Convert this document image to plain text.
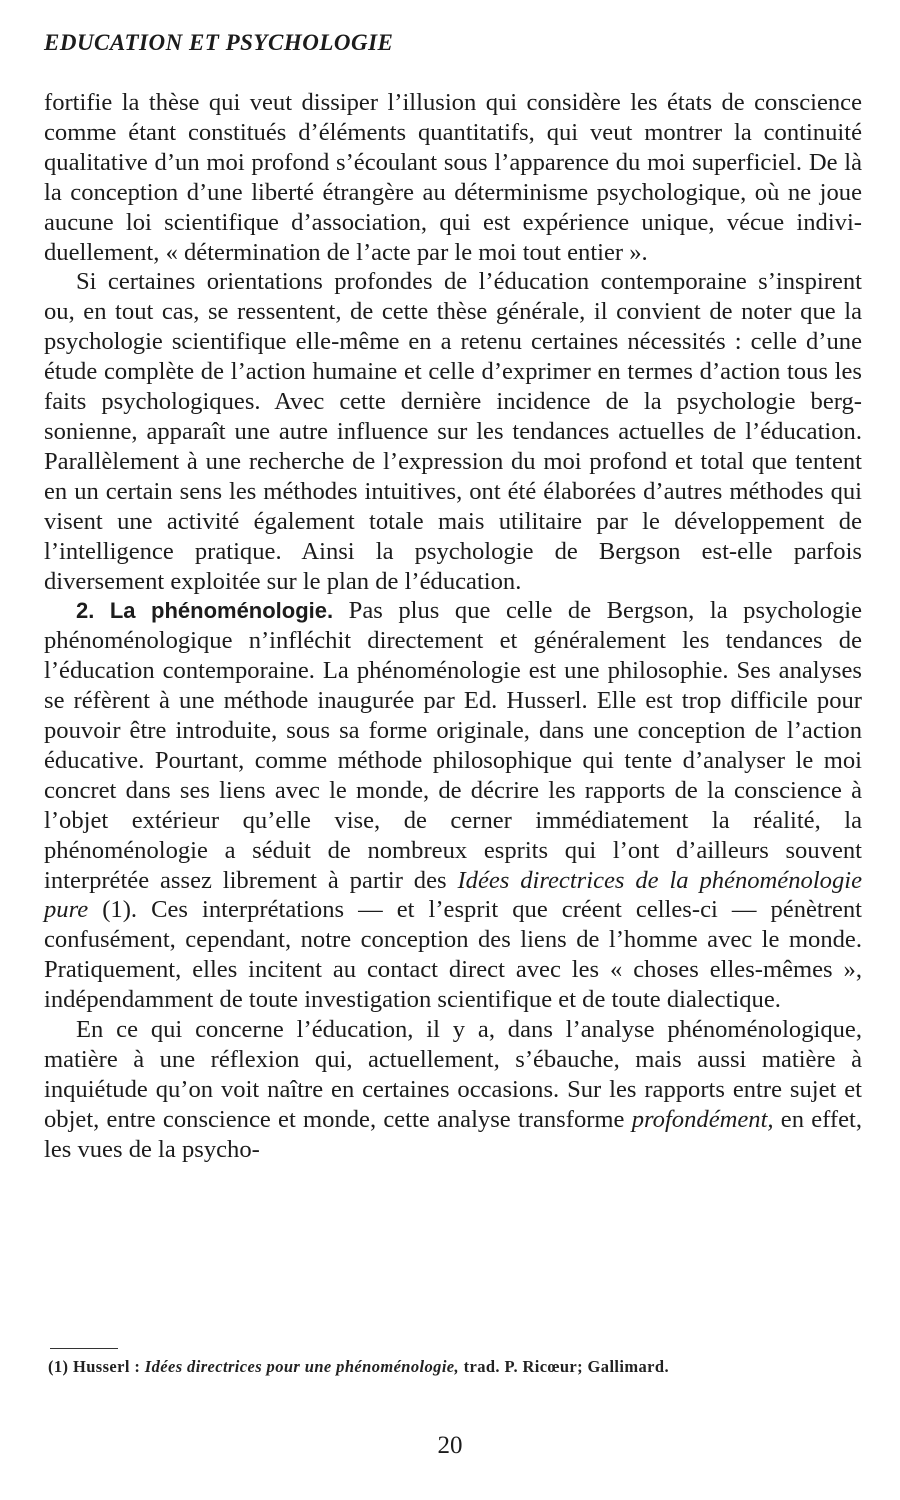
EDUCATION ET PSYCHOLOGIE

fortifie la thèse qui veut dissiper l’illusion qui considère les états de conscience comme étant constitués d’éléments quantitatifs, qui veut montrer la continuité qualitative d’un moi profond s’écoulant sous l’apparence du moi superficiel. De là la conception d’une liberté étrangère au déterminisme psychologique, où ne joue aucune loi scientifique d’association, qui est expérience unique, vécue individuellement, « détermination de l’acte par le moi tout entier ».

Si certaines orientations profondes de l’éducation contemporaine s’inspirent ou, en tout cas, se ressentent, de cette thèse générale, il convient de noter que la psychologie scientifique elle-même en a retenu certaines nécessités : celle d’une étude complète de l’action humaine et celle d’exprimer en termes d’action tous les faits psychologiques. Avec cette dernière incidence de la psychologie bergsonienne, apparaît une autre influence sur les tendances actuelles de l’éducation. Parallèlement à une recherche de l’expression du moi profond et total que tentent en un certain sens les méthodes intuitives, ont été élaborées d’autres méthodes qui visent une activité également totale mais utilitaire par le développement de l’intelligence pratique. Ainsi la psychologie de Bergson est-elle parfois diversement exploitée sur le plan de l’éducation.

2. La phénoménologie. Pas plus que celle de Bergson, la psychologie phénoménologique n’infléchit directement et généralement les tendances de l’éducation contemporaine. La phénoménologie est une philosophie. Ses analyses se réfèrent à une méthode inaugurée par Ed. Husserl. Elle est trop difficile pour pouvoir être introduite, sous sa forme originale, dans une conception de l’action éducative. Pourtant, comme méthode philosophique qui tente d’analyser le moi concret dans ses liens avec le monde, de décrire les rapports de la conscience à l’objet extérieur qu’elle vise, de cerner immédiatement la réalité, la phénoménologie a séduit de nombreux esprits qui l’ont d’ailleurs souvent interprétée assez librement à partir des Idées directrices de la phénoménologie pure (1). Ces interprétations — et l’esprit que créent celles-ci — pénètrent confusément, cependant, notre conception des liens de l’homme avec le monde. Pratiquement, elles incitent au contact direct avec les « choses elles-mêmes », indépendamment de toute investigation scientifique et de toute dialectique.

En ce qui concerne l’éducation, il y a, dans l’analyse phénoménologique, matière à une réflexion qui, actuellement, s’ébauche, mais aussi matière à inquiétude qu’on voit naître en certaines occasions. Sur les rapports entre sujet et objet, entre conscience et monde, cette analyse transforme profondément, en effet, les vues de la psycho-

(1) Husserl : Idées directrices pour une phénoménologie, trad. P. Ricœur; Gallimard.
20
